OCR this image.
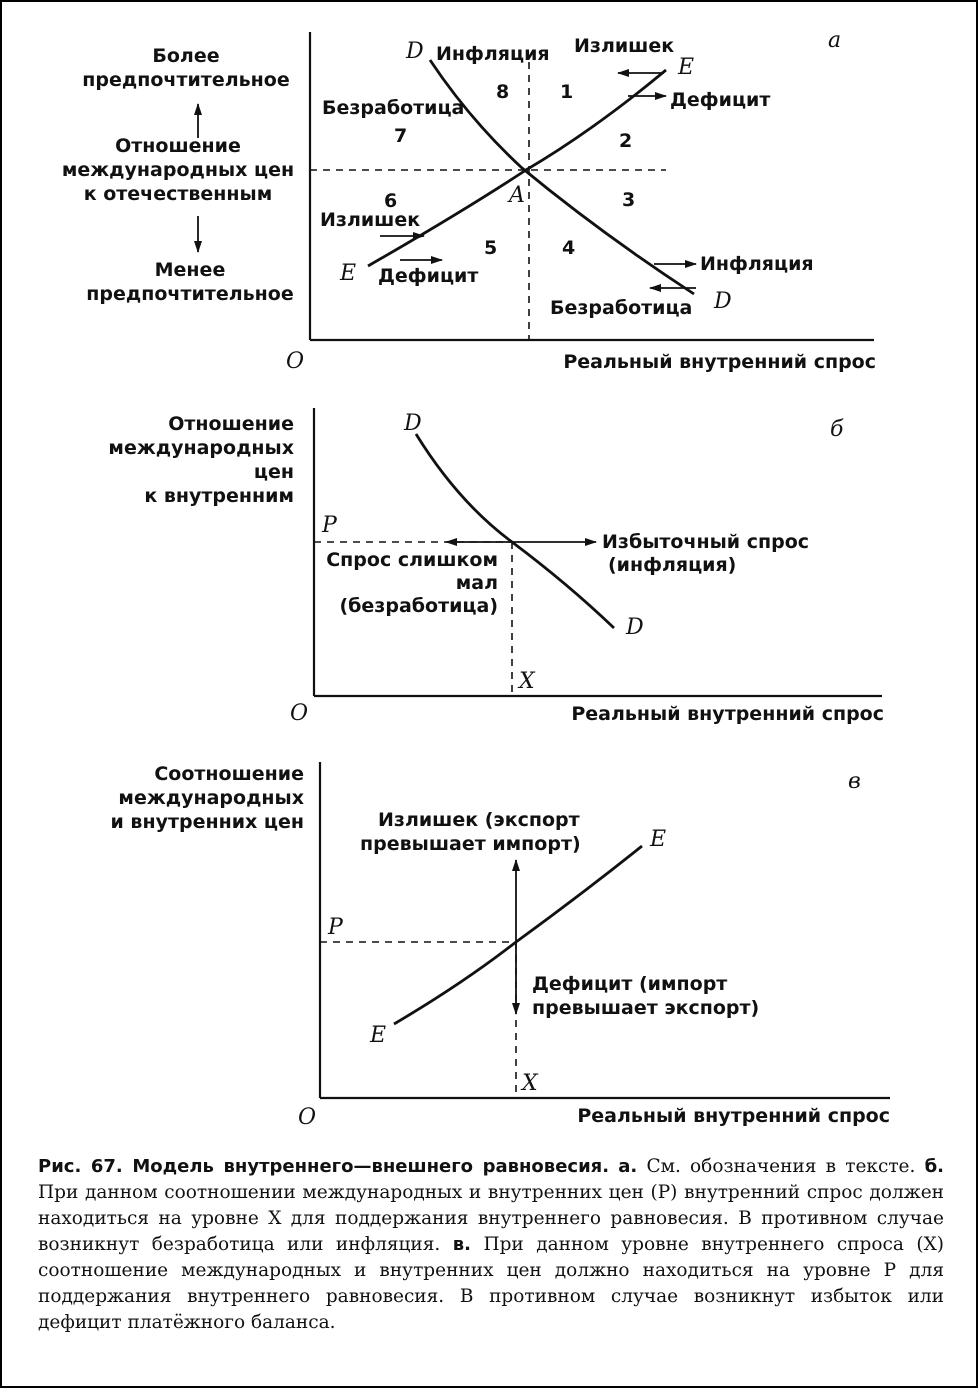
а
Более
предпочтительное
Отношение
международных цен
к отечественным
Менее
предпочтительное
O	Реальный внутренний спрос
D
D
E
E
A
1
2
3
4
5
6
7
8
Инфляция Излишек
Дефицит
Безработица
Излишек
Дефицит
Инфляция
Безработица
б
Отношение
международных
цен
к внутренним
O	Реальный внутренний спрос
P
X
D
D
Спрос слишком
мал
(безработица)
Избыточный спрос
(инфляция)
в
Соотношение
международных
и внутренних цен
O	Реальный внутренний спрос
P
X
E
E
Излишек (экспорт
превышает импорт)
Дефицит (импорт
превышает экспорт)
Рис. 67. Модель внутреннего—внешнего равновесия. а. См. обозначения в тексте. б. При данном соотношении международных и внутренних цен (P) внутренний спрос должен находиться на уровне X для поддержания внутреннего равновесия. В противном случае возникнут безработица или инфляция. в. При данном уровне внутреннего спроса (X) соотношение международных и внутренних цен должно находиться на уровне P для поддержания внутреннего равновесия. В противном случае возникнут избыток или дефицит платёжного баланса.
